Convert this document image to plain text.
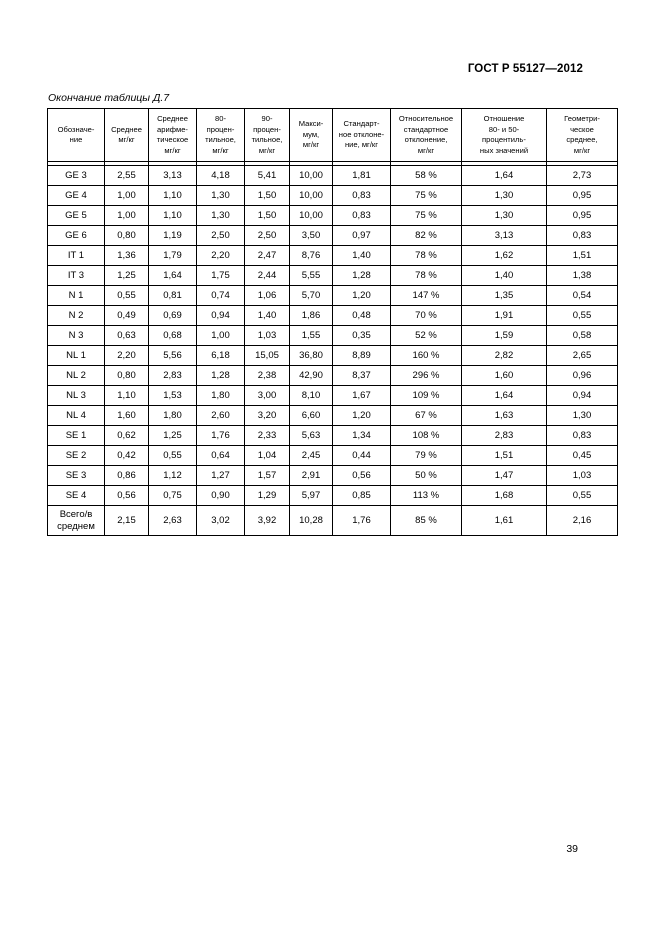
ГОСТ Р 55127—2012
Окончание таблицы Д.7
Обозначе-
ние	Среднее
мг/кг	Среднее
арифме-
тическое
мг/кг	80-
процен-
тильное,
мг/кг	90-
процен-
тильное,
мг/кг	Макси-
мум,
мг/кг	Стандарт-
ное отклоне-
ние, мг/кг	Относительное
стандартное
отклонение,
мг/кг	Отношение
80- и 50-
процентиль-
ных значений	Геометри-
ческое
среднее,
мг/кг

GE 3	2,55	3,13	4,18	5,41	10,00	1,81	58 %	1,64	2,73
GE 4	1,00	1,10	1,30	1,50	10,00	0,83	75 %	1,30	0,95
GE 5	1,00	1,10	1,30	1,50	10,00	0,83	75 %	1,30	0,95
GE 6	0,80	1,19	2,50	2,50	3,50	0,97	82 %	3,13	0,83
IT 1	1,36	1,79	2,20	2,47	8,76	1,40	78 %	1,62	1,51
IT 3	1,25	1,64	1,75	2,44	5,55	1,28	78 %	1,40	1,38
N 1	0,55	0,81	0,74	1,06	5,70	1,20	147 %	1,35	0,54
N 2	0,49	0,69	0,94	1,40	1,86	0,48	70 %	1,91	0,55
N 3	0,63	0,68	1,00	1,03	1,55	0,35	52 %	1,59	0,58
NL 1	2,20	5,56	6,18	15,05	36,80	8,89	160 %	2,82	2,65
NL 2	0,80	2,83	1,28	2,38	42,90	8,37	296 %	1,60	0,96
NL 3	1,10	1,53	1,80	3,00	8,10	1,67	109 %	1,64	0,94
NL 4	1,60	1,80	2,60	3,20	6,60	1,20	67 %	1,63	1,30
SE 1	0,62	1,25	1,76	2,33	5,63	1,34	108 %	2,83	0,83
SE 2	0,42	0,55	0,64	1,04	2,45	0,44	79 %	1,51	0,45
SE 3	0,86	1,12	1,27	1,57	2,91	0,56	50 %	1,47	1,03
SE 4	0,56	0,75	0,90	1,29	5,97	0,85	113 %	1,68	0,55
Всего/в
среднем	2,15	2,63	3,02	3,92	10,28	1,76	85 %	1,61	2,16
39
